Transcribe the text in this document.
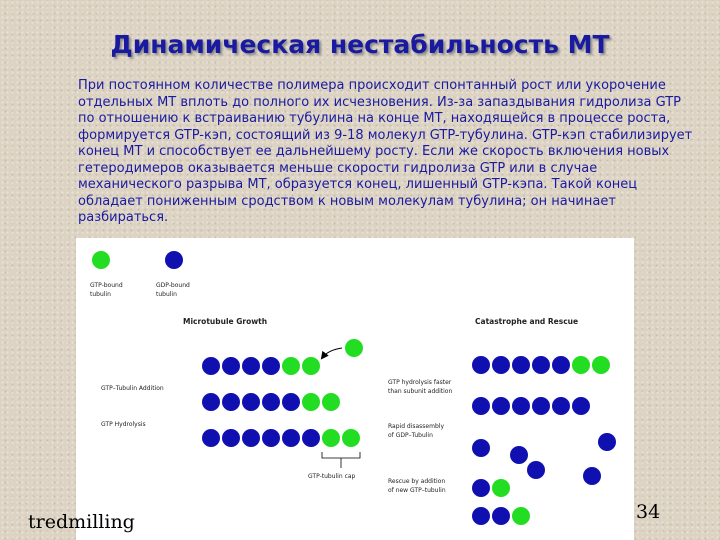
Динамическая нестабильность МТ

При постоянном количестве полимера происходит спонтанный рост или укорочение отдельных МТ вплоть до полного их исчезновения. Из-за запаздывания гидролиза GTP по отношению к встраиванию тубулина на конце МТ, находящейся в процессе роста, формируется GTP-кэп, состоящий из 9-18 молекул GTP-тубулина. GTP-кэп стабилизирует конец МТ и способствует ее дальнейшему росту. Если же скорость включения новых гетеродимеров оказывается меньше скорости гидролиза GTP или в случае механического разрыва МТ, образуется конец, лишенный GTP-кэпа. Такой конец обладает пониженным сродством к новым молекулам тубулина; он начинает разбираться.

GTP-bound
tubulin
GDP-bound
tubulin
Microtubule Growth	Catastrophe and Rescue
GTP–Tubulin Addition
GTP Hydrolysis
GTP-tubulin cap
GTP hydrolysis faster
than subunit addition
Rapid disassembly
of GDP–Tubulin
Rescue by addition
of new GTP–tubulin
tredmilling	34
